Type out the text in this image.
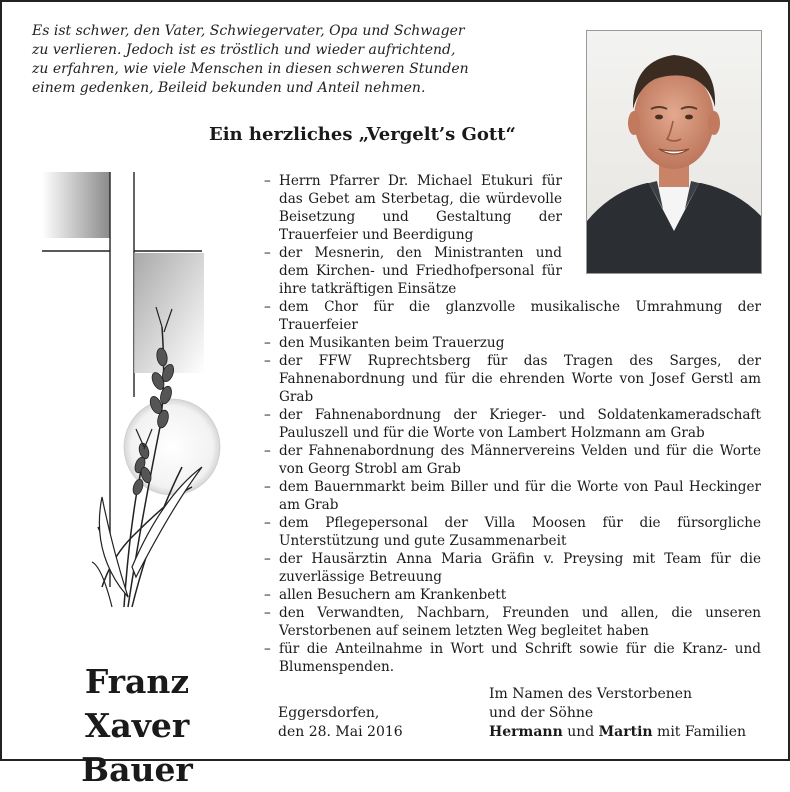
Es ist schwer, den Vater, Schwiegervater, Opa und Schwager
zu verlieren. Jedoch ist es tröstlich und wieder aufrichtend,
zu erfahren, wie viele Menschen in diesen schweren Stunden
einem gedenken, Beileid bekunden und Anteil nehmen.
Ein herzliches „Vergelt’s Gott“
– Herrn Pfarrer Dr. Michael Etukuri für das Gebet am Sterbetag, die würdevolle Beisetzung und Gestaltung der Trauerfeier und Beerdigung
– der Mesnerin, den Ministranten und dem Kirchen- und Friedhofpersonal für ihre tatkräftigen Einsätze
– dem Chor für die glanzvolle musikalische Umrahmung der Trauerfeier
– den Musikanten beim Trauerzug
– der FFW Ruprechtsberg für das Tragen des Sarges, der Fahnenabordnung und für die ehrenden Worte von Josef Gerstl am Grab
– der Fahnenabordnung der Krieger- und Soldatenkameradschaft Pauluszell und für die Worte von Lambert Holzmann am Grab
– der Fahnenabordnung des Männervereins Velden und für die Worte von Georg Strobl am Grab
– dem Bauernmarkt beim Biller und für die Worte von Paul Heckinger am Grab
– dem Pflegepersonal der Villa Moosen für die fürsorgliche Unterstützung und gute Zusammenarbeit
– der Hausärztin Anna Maria Gräfin v. Preysing mit Team für die zuverlässige Betreuung
– allen Besuchern am Krankenbett
– den Verwandten, Nachbarn, Freunden und allen, die unseren Verstorbenen auf seinem letzten Weg begleitet haben
– für die Anteilnahme in Wort und Schrift sowie für die Kranz- und Blumenspenden.
Franz Xaver
Bauer
Eggersdorfen,
den 28. Mai 2016
Im Namen des Verstorbenen
und der Söhne
Hermann und Martin mit Familien
